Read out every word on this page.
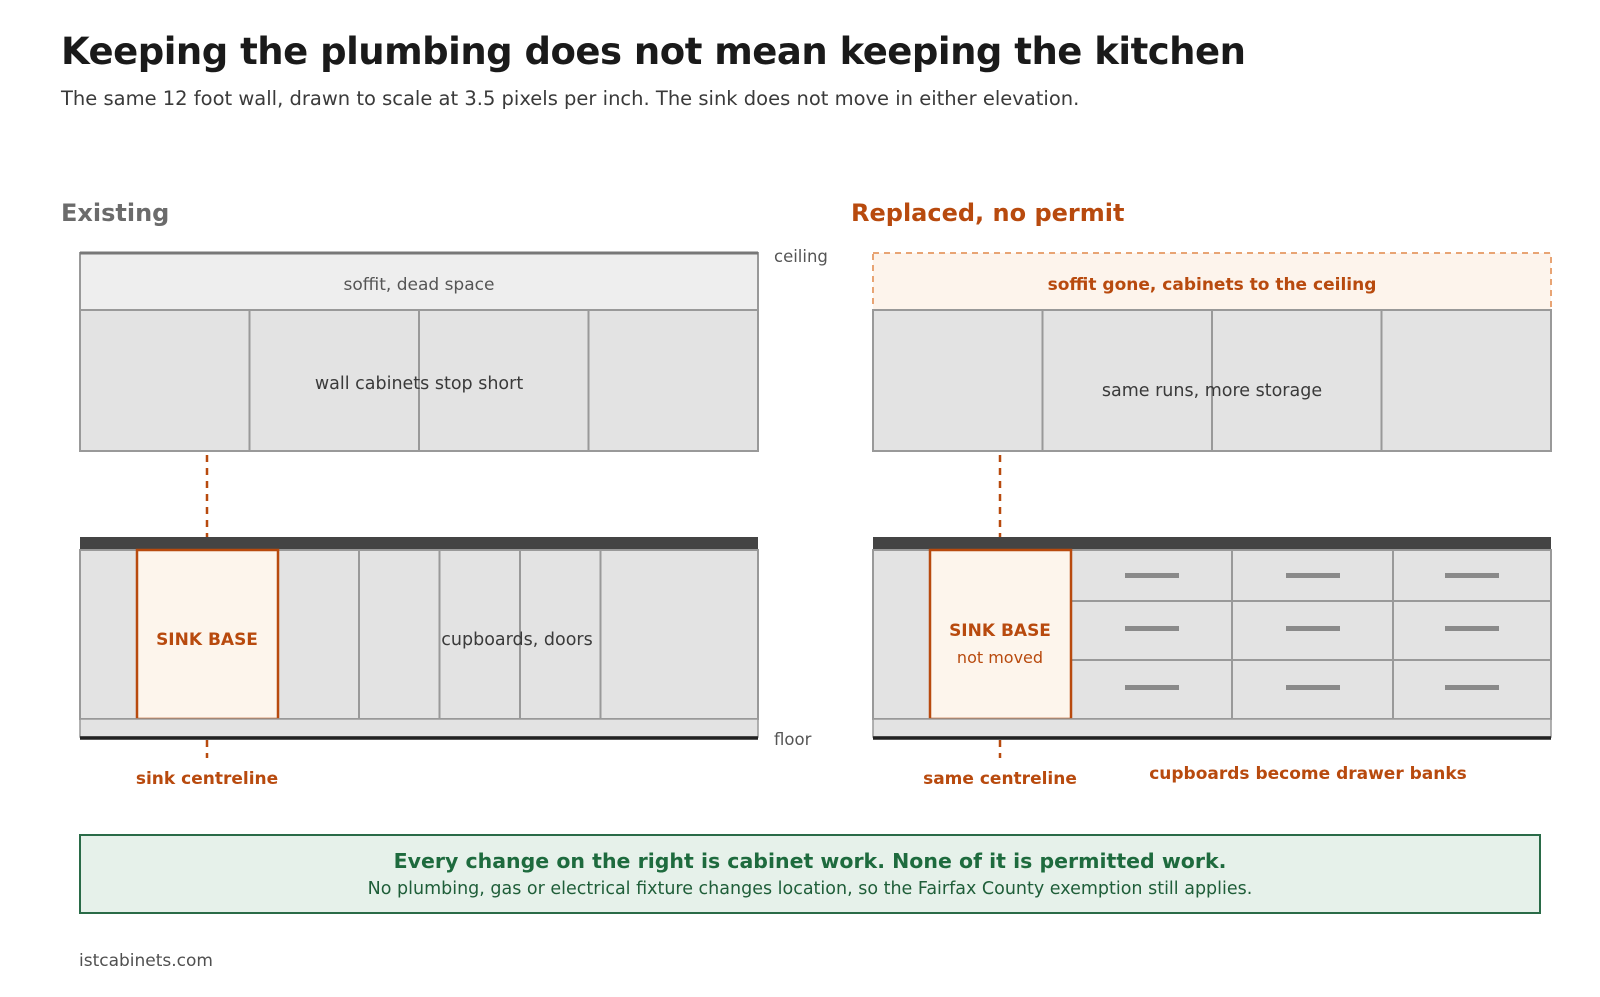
Keeping the plumbing does not mean keeping the kitchen
The same 12 foot wall, drawn to scale at 3.5 pixels per inch. The sink does not move in either elevation.
Existing	Replaced, no permit
soffit, dead space
wall cabinets stop short
SINK BASE	cupboards, doors
sink centreline
ceiling
floor
soffit gone, cabinets to the ceiling
same runs, more storage
SINK BASE
not moved
same centreline	cupboards become drawer banks
Every change on the right is cabinet work. None of it is permitted work.
No plumbing, gas or electrical fixture changes location, so the Fairfax County exemption still applies.
istcabinets.com
